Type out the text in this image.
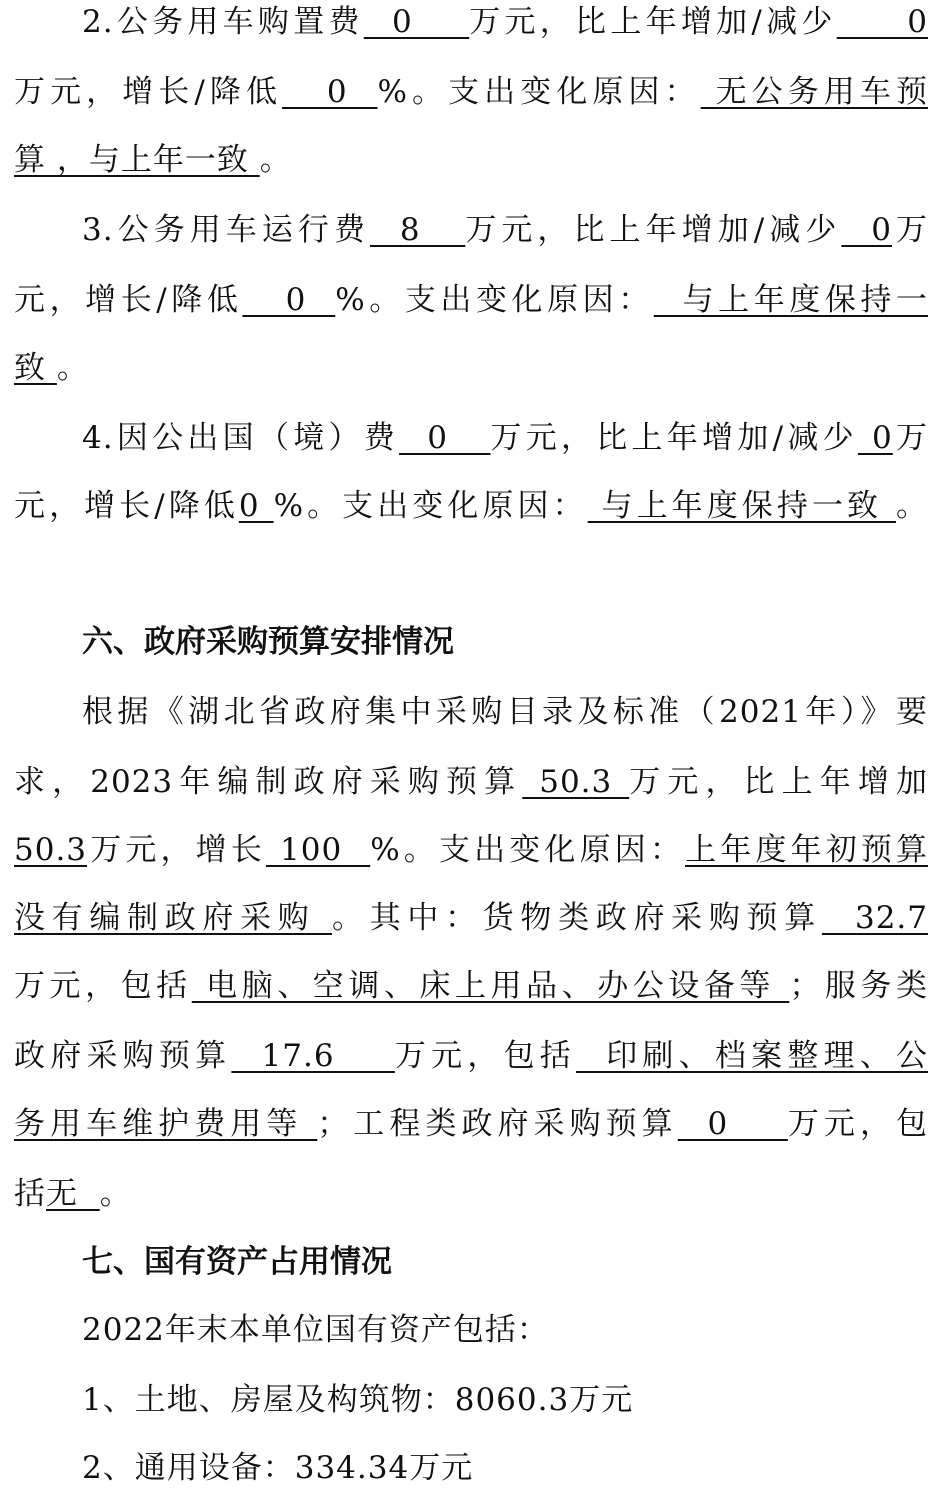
2.公务用车购置费  0    万元，比上年增加/减少     0
万元，增长/降低   0  %。支出变化原因： 无公务用车预
算 ，与上年一致 。
3.公务用车运行费  8   万元，比上年增加/减少  0万
元，增长/降低   0  %。支出变化原因：  与上年度保持一
致 。
4.因公出国（境）费  0   万元，比上年增加/减少 0万
元，增长/降低0 %。支出变化原因： 与上年度保持一致 。
六、政府采购预算安排情况
根据《湖北省政府集中采购目录及标准（2021年）》要
求，2023年编制政府采购预算 50.3 万元，比上年增加
50.3万元，增长 100  %。支出变化原因：上年度年初预算
没有编制政府采购 。其中：货物类政府采购预算  32.7
万元，包括 电脑、空调、床上用品、办公设备等 ；服务类
政府采购预算  17.6    万元，包括  印刷、档案整理、公
务用车维护费用等 ；工程类政府采购预算  0    万元，包
括无  。
七、国有资产占用情况
2022年末本单位国有资产包括：
1、土地、房屋及构筑物：8060.3万元
2、通用设备：334.34万元
